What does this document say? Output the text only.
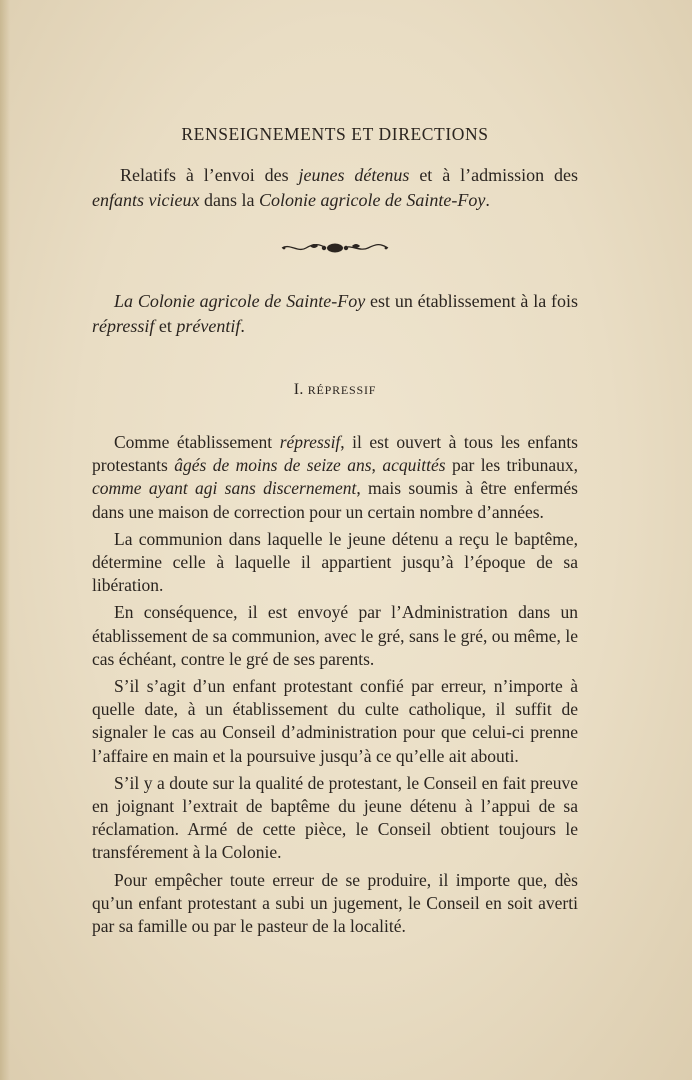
RENSEIGNEMENTS ET DIRECTIONS

Relatifs à l’envoi des jeunes détenus et à l’admission des enfants vicieux dans la Colonie agricole de Sainte-Foy.

La Colonie agricole de Sainte-Foy est un établissement à la fois répressif et préventif.

I. RÉPRESSIF

Comme établissement répressif, il est ouvert à tous les enfants protestants âgés de moins de seize ans, acquittés par les tribunaux, comme ayant agi sans discernement, mais soumis à être enfermés dans une maison de correction pour un certain nombre d’années.

La communion dans laquelle le jeune détenu a reçu le baptême, détermine celle à laquelle il appartient jusqu’à l’époque de sa libération.

En conséquence, il est envoyé par l’Administration dans un établissement de sa communion, avec le gré, sans le gré, ou même, le cas échéant, contre le gré de ses parents.

S’il s’agit d’un enfant protestant confié par erreur, n’importe à quelle date, à un établissement du culte catholique, il suffit de signaler le cas au Conseil d’administration pour que celui-ci prenne l’affaire en main et la poursuive jusqu’à ce qu’elle ait abouti.

S’il y a doute sur la qualité de protestant, le Conseil en fait preuve en joignant l’extrait de baptême du jeune détenu à l’appui de sa réclamation. Armé de cette pièce, le Conseil obtient toujours le transférement à la Colonie.

Pour empêcher toute erreur de se produire, il importe que, dès qu’un enfant protestant a subi un jugement, le Conseil en soit averti par sa famille ou par le pasteur de la localité.
